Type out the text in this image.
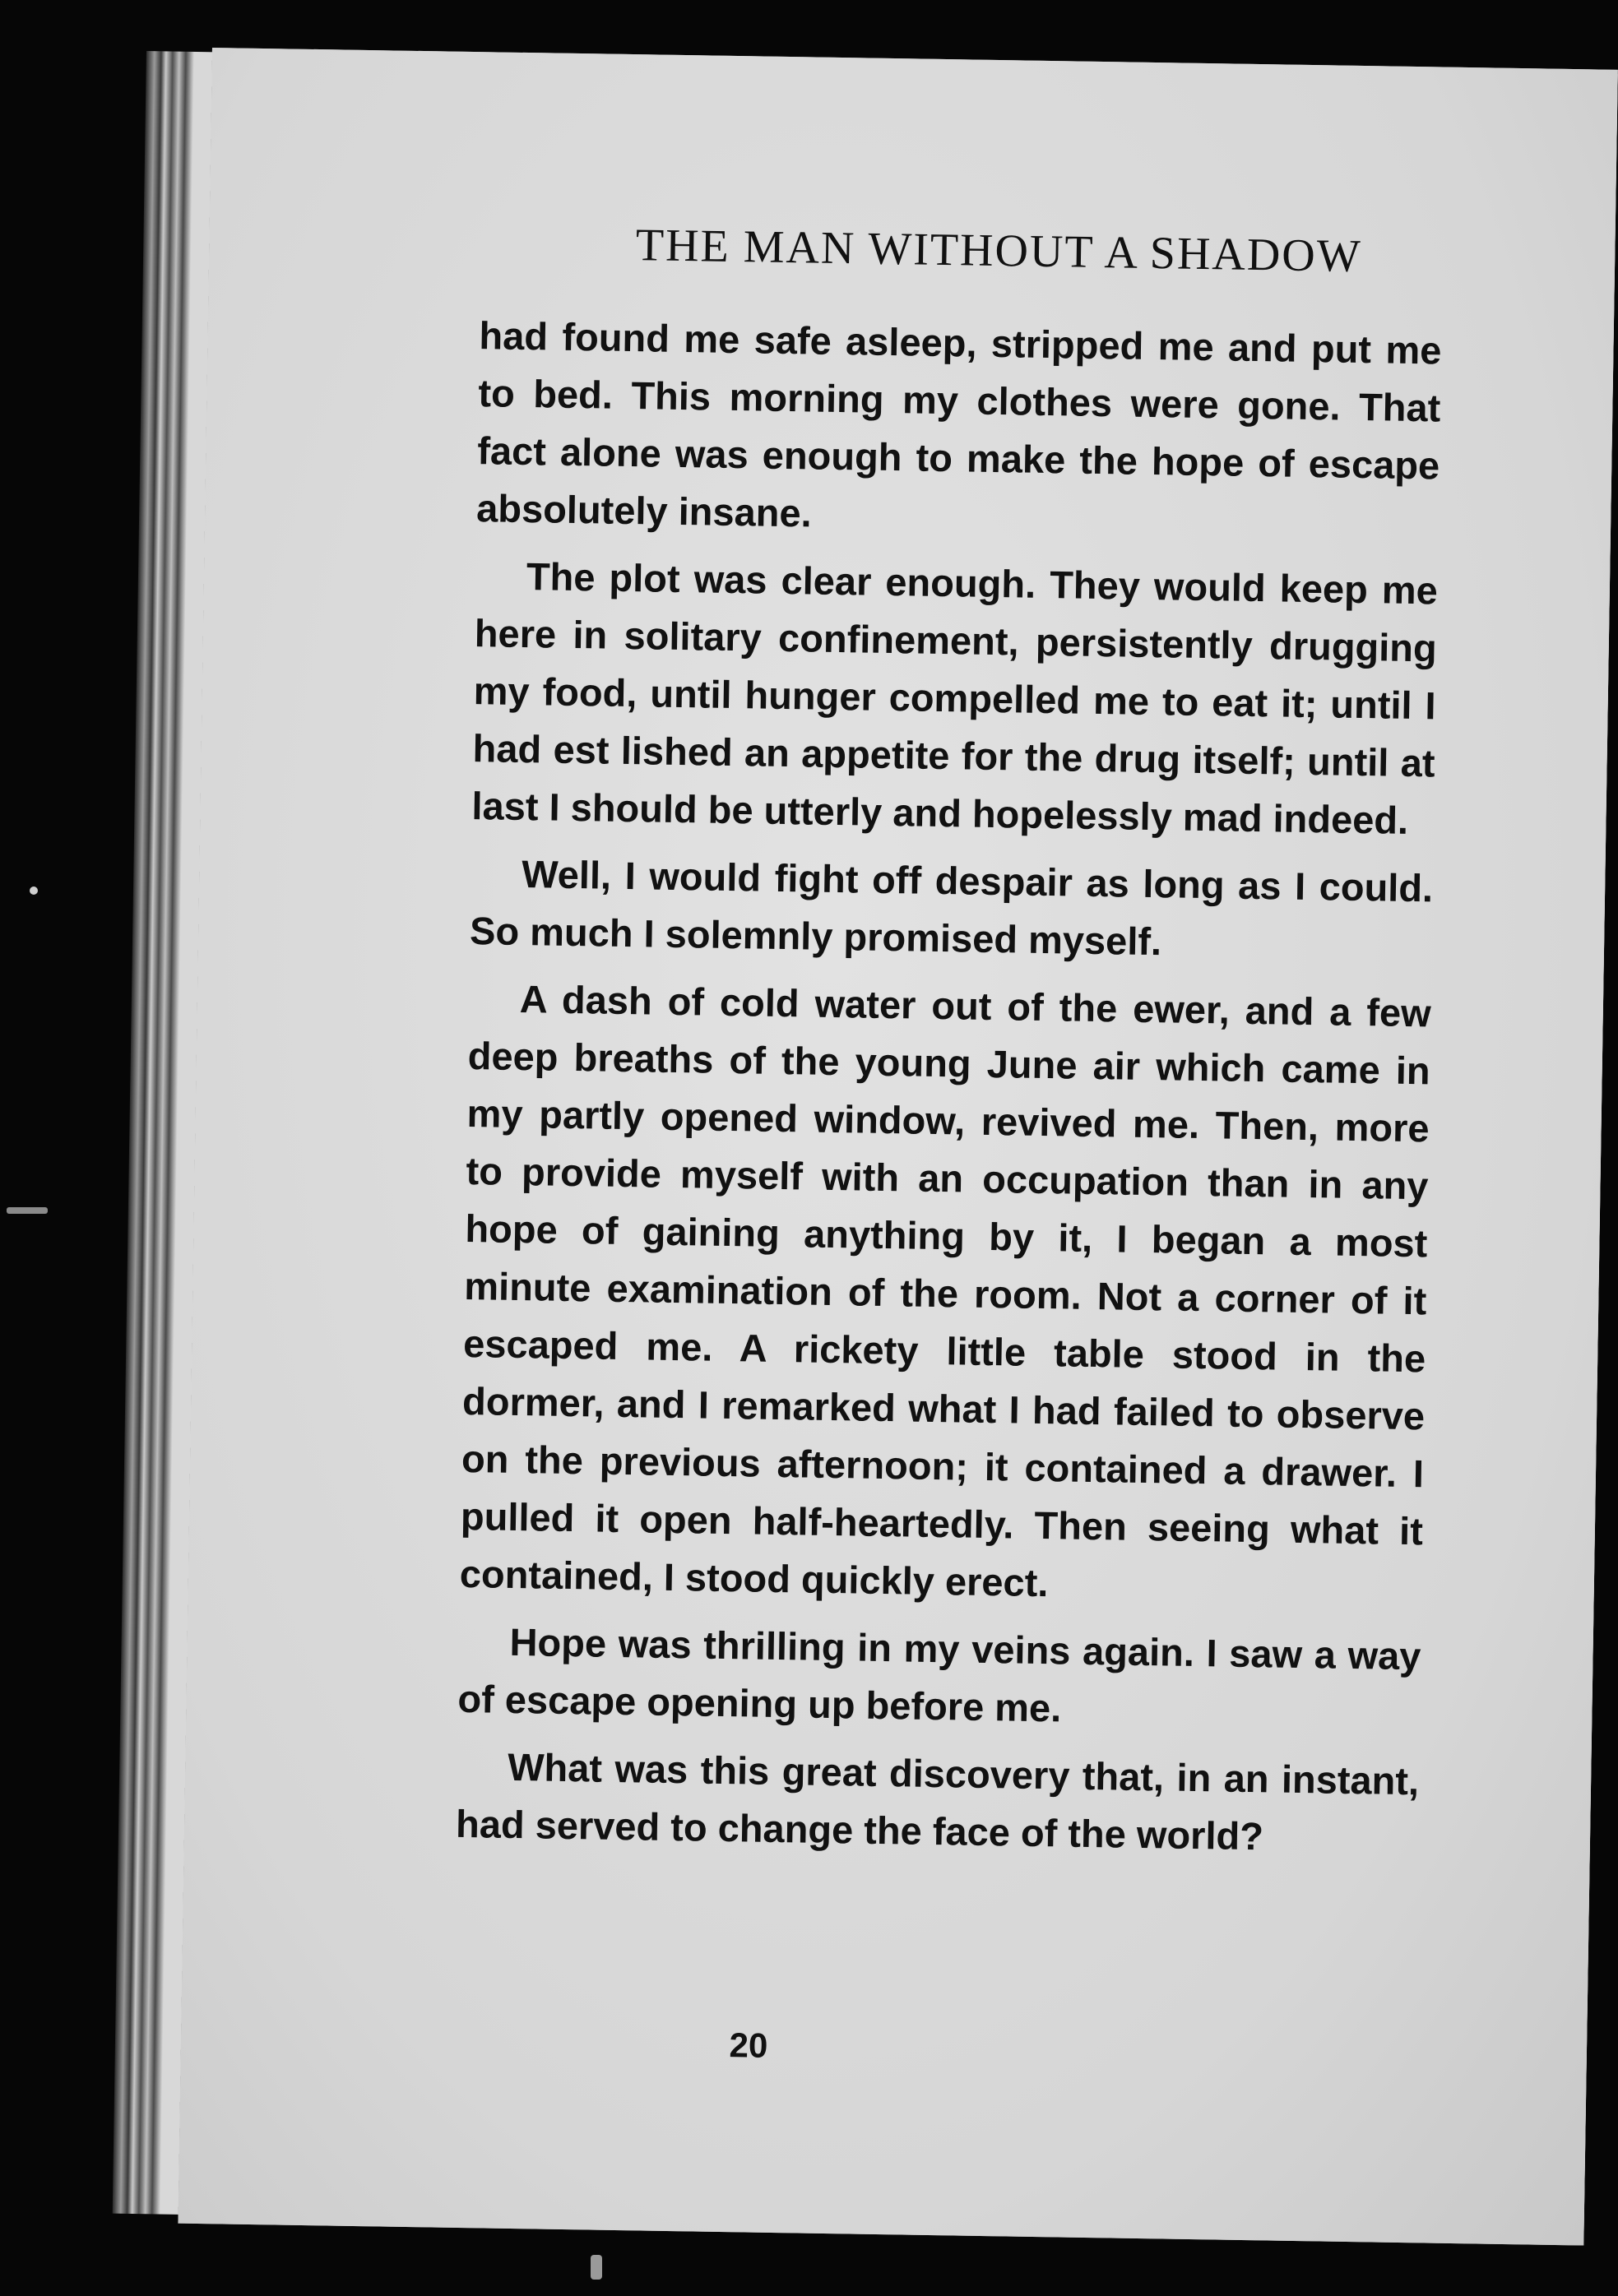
THE MAN WITHOUT A SHADOW

had found me safe asleep, stripped me and put me to bed. This morning my clothes were gone. That fact alone was enough to make the hope of escape absolutely insane.

The plot was clear enough. They would keep me here in solitary confinement, persistently drugging my food, until hunger compelled me to eat it; until I had est lished an appetite for the drug itself; until at last I should be utterly and hopelessly mad indeed.

Well, I would fight off despair as long as I could. So much I solemnly promised myself.

A dash of cold water out of the ewer, and a few deep breaths of the young June air which came in my partly opened window, revived me. Then, more to provide myself with an occupation than in any hope of gaining anything by it, I began a most minute examination of the room. Not a corner of it escaped me. A rickety little table stood in the dormer, and I remarked what I had failed to observe on the previous afternoon; it contained a drawer. I pulled it open half-heartedly. Then seeing what it contained, I stood quickly erect.

Hope was thrilling in my veins again. I saw a way of escape opening up before me.

What was this great discovery that, in an instant, had served to change the face of the world?

20
